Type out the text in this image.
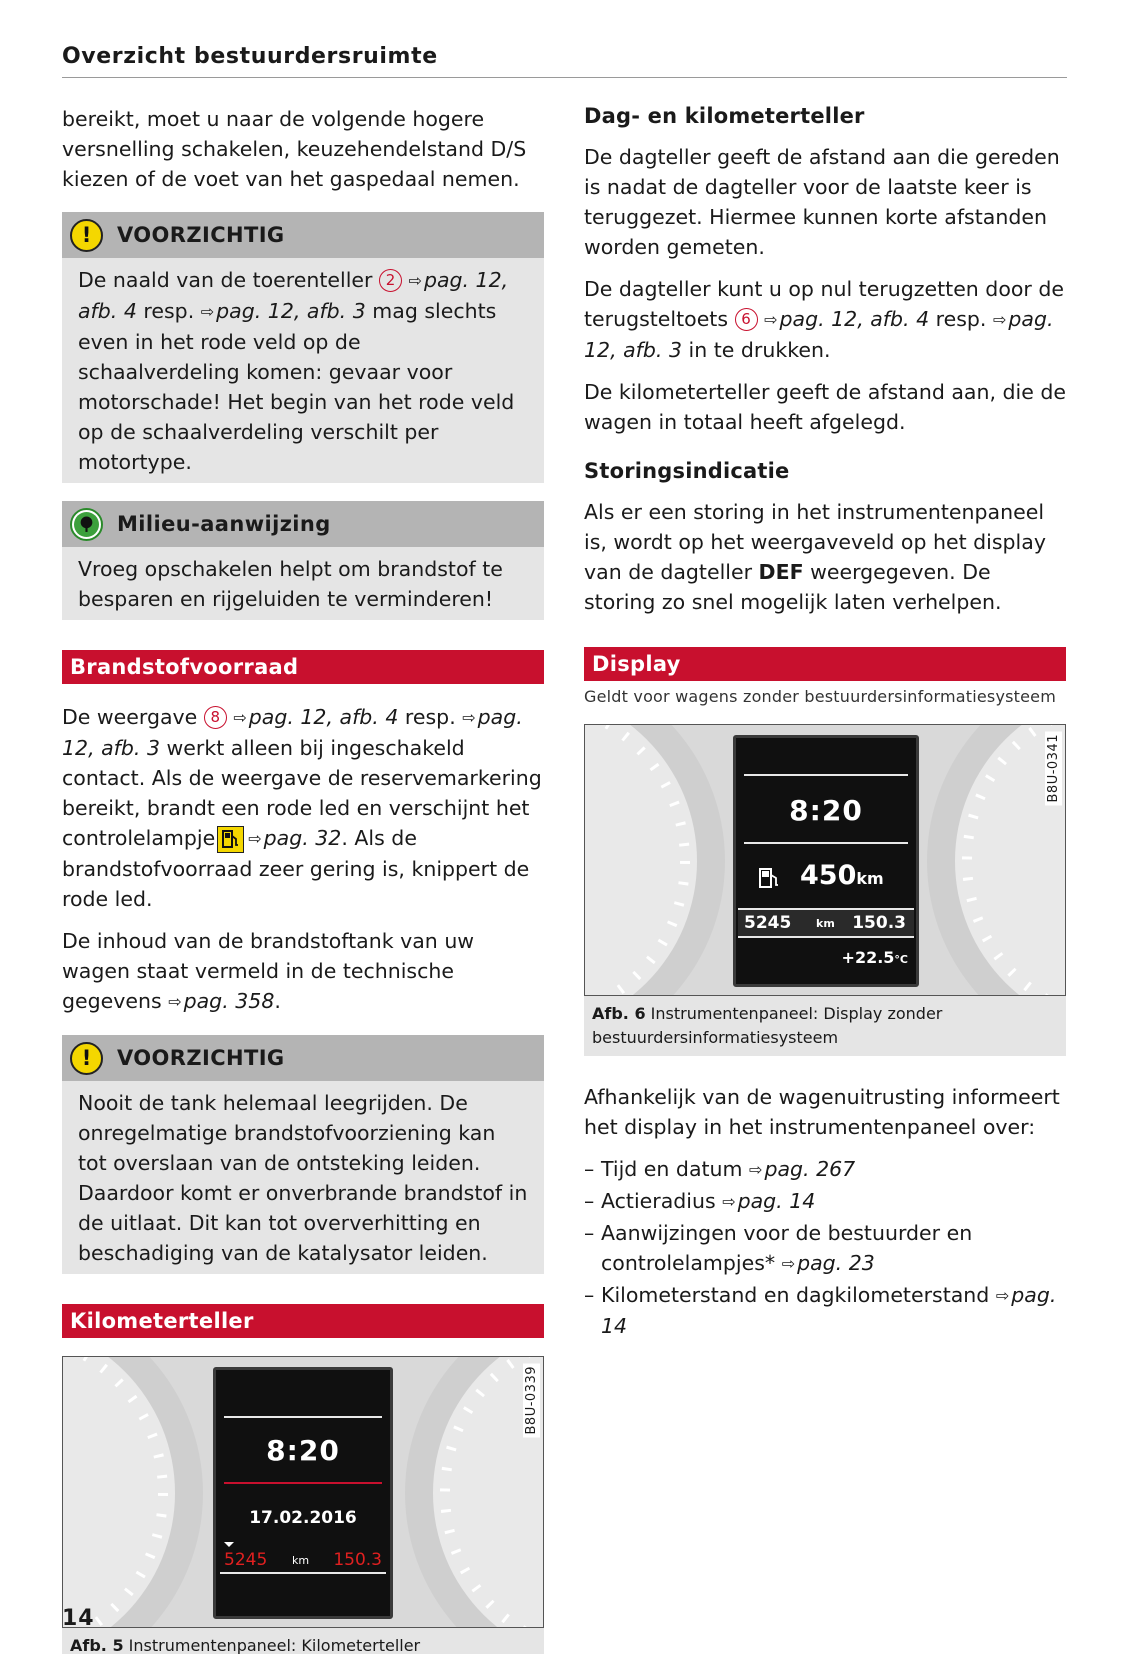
Overzicht bestuurdersruimte

bereikt, moet u naar de volgende hogere versnelling schakelen, keuzehendelstand D/S kiezen of de voet van het gaspedaal nemen.

!	VOORZICHTIG
De naald van de toerenteller 2 ⇨pag. 12, afb. 4 resp. ⇨pag. 12, afb. 3 mag slechts even in het rode veld op de schaalverdeling komen: gevaar voor motorschade! Het begin van het rode veld op de schaalverdeling verschilt per motortype.
Milieu-aanwijzing
Vroeg opschakelen helpt om brandstof te besparen en rijgeluiden te verminderen!
Brandstofvoorraad

De weergave 8 ⇨pag. 12, afb. 4 resp. ⇨pag. 12, afb. 3 werkt alleen bij ingeschakeld contact. Als de weergave de reservemarkering bereikt, brandt een rode led en verschijnt het controlelampje ⇨pag. 32. Als de brandstofvoorraad zeer gering is, knippert de rode led.

De inhoud van de brandstoftank van uw wagen staat vermeld in de technische gegevens ⇨pag. 358.

!	VOORZICHTIG
Nooit de tank helemaal leegrijden. De onregelmatige brandstofvoorziening kan tot overslaan van de ontsteking leiden. Daardoor komt er onverbrande brandstof in de uitlaat. Dit kan tot oververhitting en beschadiging van de katalysator leiden.
Kilometerteller
8:20
17.02.2016
5245 km 150.3
B8U-0339
Afb. 5 Instrumentenpaneel: Kilometerteller
Dag- en kilometerteller

De dagteller geeft de afstand aan die gereden is nadat de dagteller voor de laatste keer is teruggezet. Hiermee kunnen korte afstanden worden gemeten.

De dagteller kunt u op nul terugzetten door de terugsteltoets 6 ⇨pag. 12, afb. 4 resp. ⇨pag. 12, afb. 3 in te drukken.

De kilometerteller geeft de afstand aan, die de wagen in totaal heeft afgelegd.

Storingsindicatie

Als er een storing in het instrumentenpaneel is, wordt op het weergaveveld op het display van de dagteller DEF weergegeven. De storing zo snel mogelijk laten verhelpen.

Display
Geldt voor wagens zonder bestuurdersinformatiesysteem
8:20
450km
5245 km 150.3
+22.5°C
B8U-0341
Afb. 6 Instrumentenpaneel: Display zonder bestuurdersinformatiesysteem

Afhankelijk van de wagenuitrusting informeert het display in het instrumentenpaneel over:

– Tijd en datum ⇨pag. 267
– Actieradius ⇨pag. 14
– Aanwijzingen voor de bestuurder en controlelampjes* ⇨pag. 23
– Kilometerstand en dagkilometerstand ⇨pag. 14
14
